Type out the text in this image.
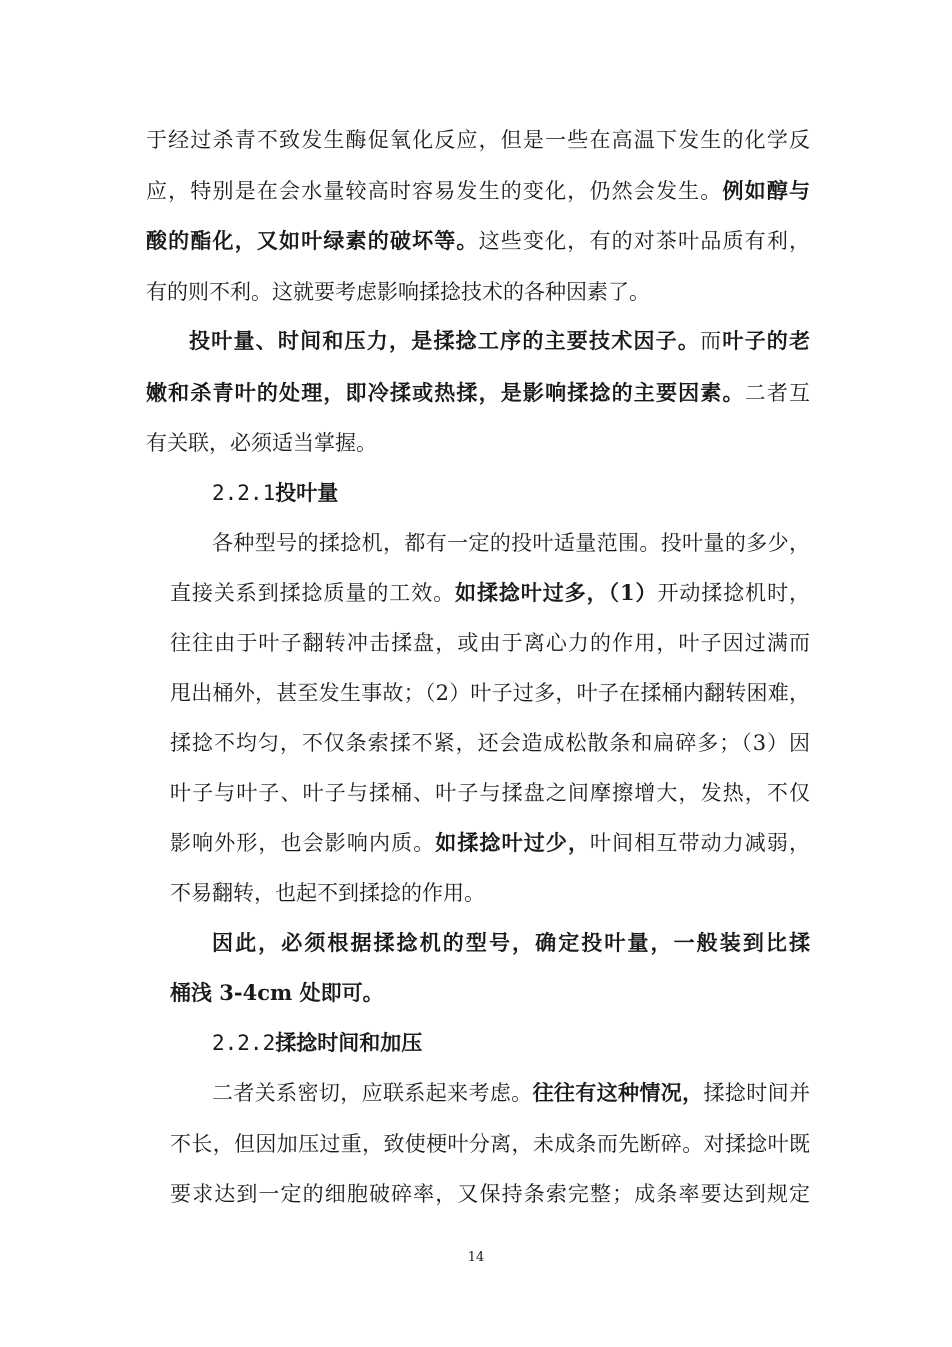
于经过杀青不致发生酶促氧化反应，但是一些在高温下发生的化学反

应，特别是在会水量较高时容易发生的变化，仍然会发生。例如醇与

酸的酯化，又如叶绿素的破坏等。这些变化，有的对茶叶品质有利，

有的则不利。这就要考虑影响揉捻技术的各种因素了。

投叶量、时间和压力，是揉捻工序的主要技术因子。而叶子的老

嫩和杀青叶的处理，即冷揉或热揉，是影响揉捻的主要因素。二者互

有关联，必须适当掌握。

2.2.1投叶量

各种型号的揉捻机，都有一定的投叶适量范围。投叶量的多少，

直接关系到揉捻质量的工效。如揉捻叶过多，（1）开动揉捻机时，

往往由于叶子翻转冲击揉盘，或由于离心力的作用，叶子因过满而

甩出桶外，甚至发生事故；（2）叶子过多，叶子在揉桶内翻转困难，

揉捻不均匀，不仅条索揉不紧，还会造成松散条和扁碎多；（3）因

叶子与叶子、叶子与揉桶、叶子与揉盘之间摩擦增大，发热，不仅

影响外形，也会影响内质。如揉捻叶过少，叶间相互带动力减弱，

不易翻转，也起不到揉捻的作用。

因此，必须根据揉捻机的型号，确定投叶量，一般装到比揉

桶浅 3-4cm 处即可。

2.2.2揉捻时间和加压

二者关系密切，应联系起来考虑。往往有这种情况，揉捻时间并

不长，但因加压过重，致使梗叶分离，未成条而先断碎。对揉捻叶既

要求达到一定的细胞破碎率，又保持条索完整；成条率要达到规定

14
